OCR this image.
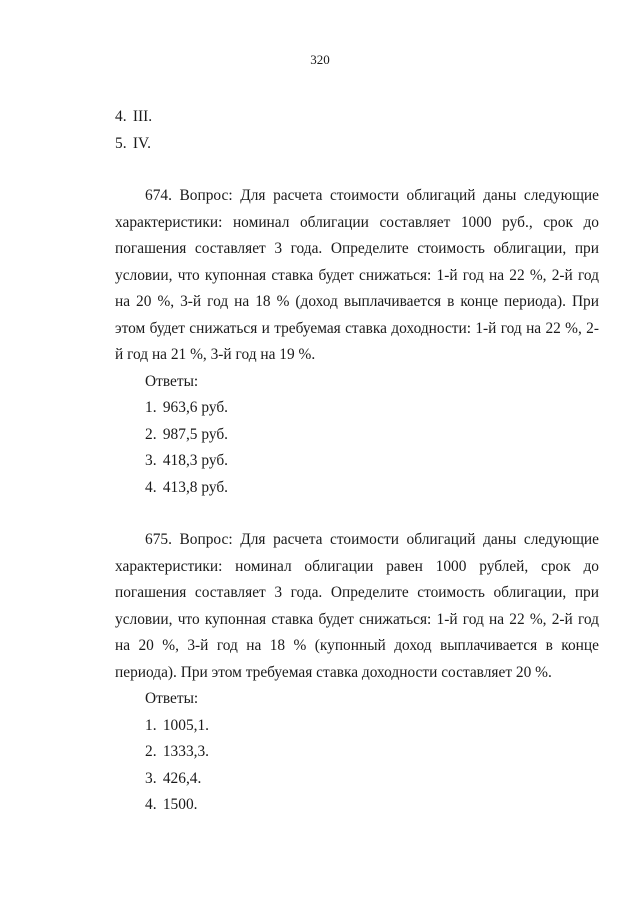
320

4. III.

5. IV.

674. Вопрос: Для расчета стоимости облигаций даны следующие характеристики: номинал облигации составляет 1000 руб., срок до погашения составляет 3 года. Определите стоимость облигации, при условии, что купонная ставка будет снижаться: 1-й год на 22 %, 2-й год на 20 %, 3-й год на 18 % (доход выплачивается в конце периода). При этом будет снижаться и требуемая ставка доходности: 1-й год на 22 %, 2-й год на 21 %, 3-й год на 19 %.

Ответы:

1. 963,6 руб.

2. 987,5 руб.

3. 418,3 руб.

4. 413,8 руб.

675. Вопрос: Для расчета стоимости облигаций даны следующие характеристики: номинал облигации равен 1000 рублей, срок до погашения составляет 3 года. Определите стоимость облигации, при условии, что купонная ставка будет снижаться: 1-й год на 22 %, 2-й год на 20 %, 3-й год на 18 % (купонный доход выплачивается в конце периода). При этом требуемая ставка доходности составляет 20 %.

Ответы:

1. 1005,1.

2. 1333,3.

3. 426,4.

4. 1500.
